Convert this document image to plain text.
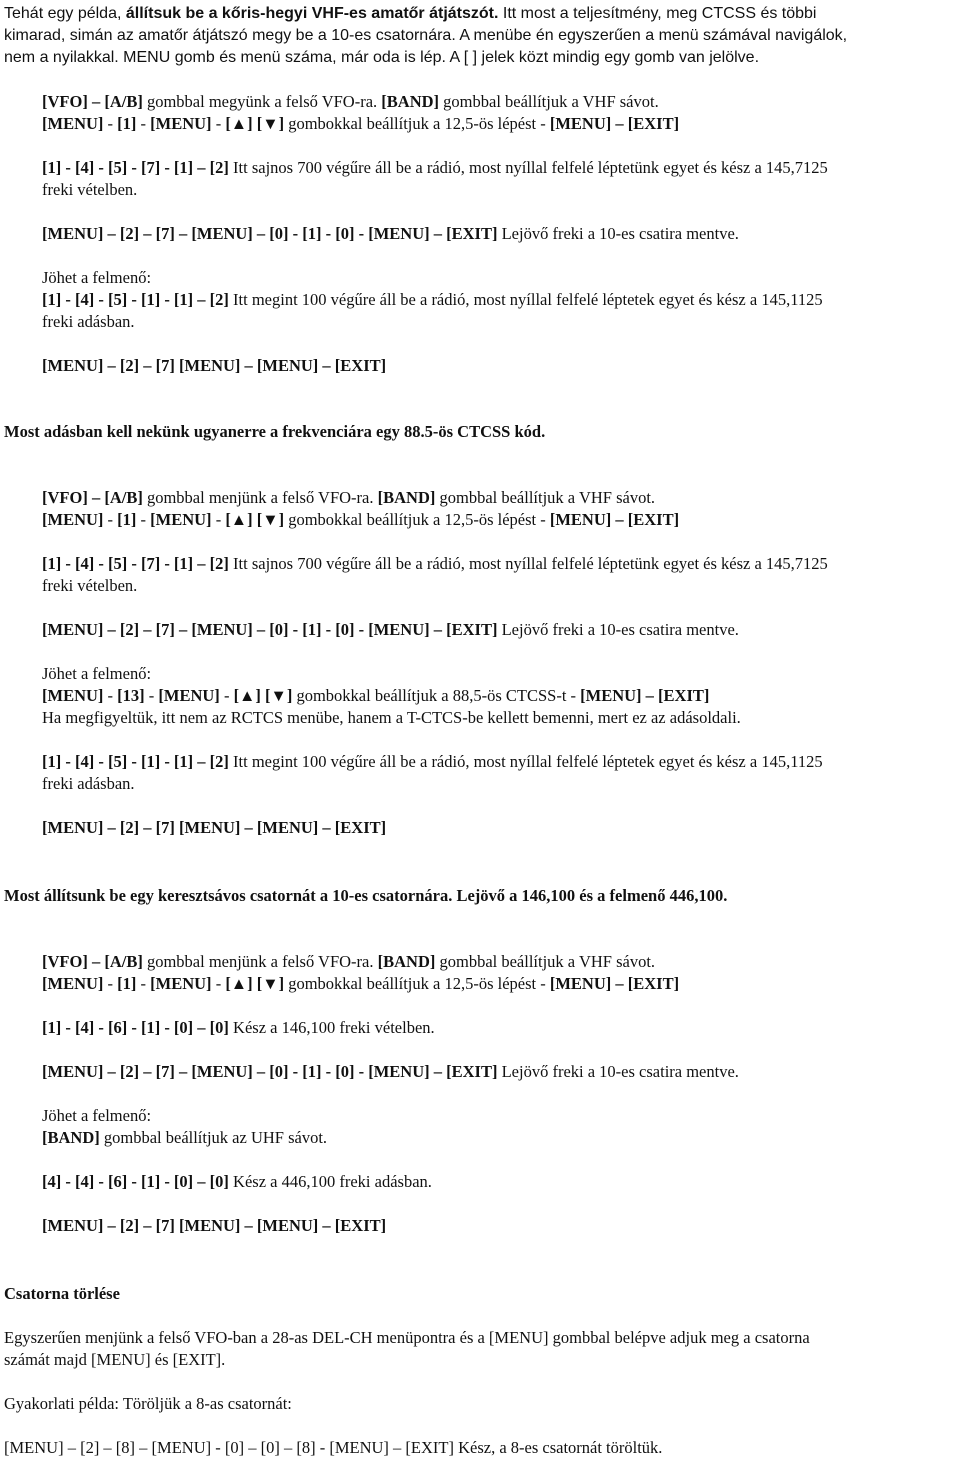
Tehát egy példa, állítsuk be a kőris-hegyi VHF-es amatőr átjátszót. Itt most a teljesítmény, meg CTCSS és többi
kimarad, simán az amatőr átjátszó megy be a 10-es csatornára. A menübe én egyszerűen a menü számával navigálok,
nem a nyilakkal. MENU gomb és menü száma, már oda is lép. A [ ] jelek közt mindig egy gomb van jelölve.
[VFO] – [A/B] gombbal megyünk a felső VFO-ra. [BAND] gombbal beállítjuk a VHF sávot.
[MENU] - [1] - [MENU] - [▲] [▼] gombokkal beállítjuk a 12,5-ös lépést - [MENU] – [EXIT]
[1] - [4] - [5] - [7] - [1] – [2] Itt sajnos 700 végűre áll be a rádió, most nyíllal felfelé léptetünk egyet és kész a 145,7125
freki vételben.
[MENU] – [2] – [7] – [MENU] – [0] - [1] - [0] - [MENU] – [EXIT] Lejövő freki a 10-es csatira mentve.
Jöhet a felmenő:
[1] - [4] - [5] - [1] - [1] – [2] Itt megint 100 végűre áll be a rádió, most nyíllal felfelé léptetek egyet és kész a 145,1125
freki adásban.
[MENU] – [2] – [7] [MENU] – [MENU] – [EXIT]
Most adásban kell nekünk ugyanerre a frekvenciára egy 88.5-ös CTCSS kód.
[VFO] – [A/B] gombbal menjünk a felső VFO-ra. [BAND] gombbal beállítjuk a VHF sávot.
[MENU] - [1] - [MENU] - [▲] [▼] gombokkal beállítjuk a 12,5-ös lépést - [MENU] – [EXIT]
[1] - [4] - [5] - [7] - [1] – [2] Itt sajnos 700 végűre áll be a rádió, most nyíllal felfelé léptetünk egyet és kész a 145,7125
freki vételben.
[MENU] – [2] – [7] – [MENU] – [0] - [1] - [0] - [MENU] – [EXIT] Lejövő freki a 10-es csatira mentve.
Jöhet a felmenő:
[MENU] - [13] - [MENU] - [▲] [▼] gombokkal beállítjuk a 88,5-ös CTCSS-t - [MENU] – [EXIT]
Ha megfigyeltük, itt nem az RCTCS menübe, hanem a T-CTCS-be kellett bemenni, mert ez az adásoldali.
[1] - [4] - [5] - [1] - [1] – [2] Itt megint 100 végűre áll be a rádió, most nyíllal felfelé léptetek egyet és kész a 145,1125
freki adásban.
[MENU] – [2] – [7] [MENU] – [MENU] – [EXIT]
Most állítsunk be egy keresztsávos csatornát a 10-es csatornára. Lejövő a 146,100 és a felmenő 446,100.
[VFO] – [A/B] gombbal menjünk a felső VFO-ra. [BAND] gombbal beállítjuk a VHF sávot.
[MENU] - [1] - [MENU] - [▲] [▼] gombokkal beállítjuk a 12,5-ös lépést - [MENU] – [EXIT]
[1] - [4] - [6] - [1] - [0] – [0] Kész a 146,100 freki vételben.
[MENU] – [2] – [7] – [MENU] – [0] - [1] - [0] - [MENU] – [EXIT] Lejövő freki a 10-es csatira mentve.
Jöhet a felmenő:
[BAND] gombbal beállítjuk az UHF sávot.
[4] - [4] - [6] - [1] - [0] – [0] Kész a 446,100 freki adásban.
[MENU] – [2] – [7] [MENU] – [MENU] – [EXIT]
Csatorna törlése
Egyszerűen menjünk a felső VFO-ban a 28-as DEL-CH menüpontra és a [MENU] gombbal belépve adjuk meg a csatorna
számát majd [MENU] és [EXIT].
Gyakorlati példa: Töröljük a 8-as csatornát:
[MENU] – [2] – [8] – [MENU] - [0] – [0] – [8] - [MENU] – [EXIT] Kész, a 8-es csatornát töröltük.
